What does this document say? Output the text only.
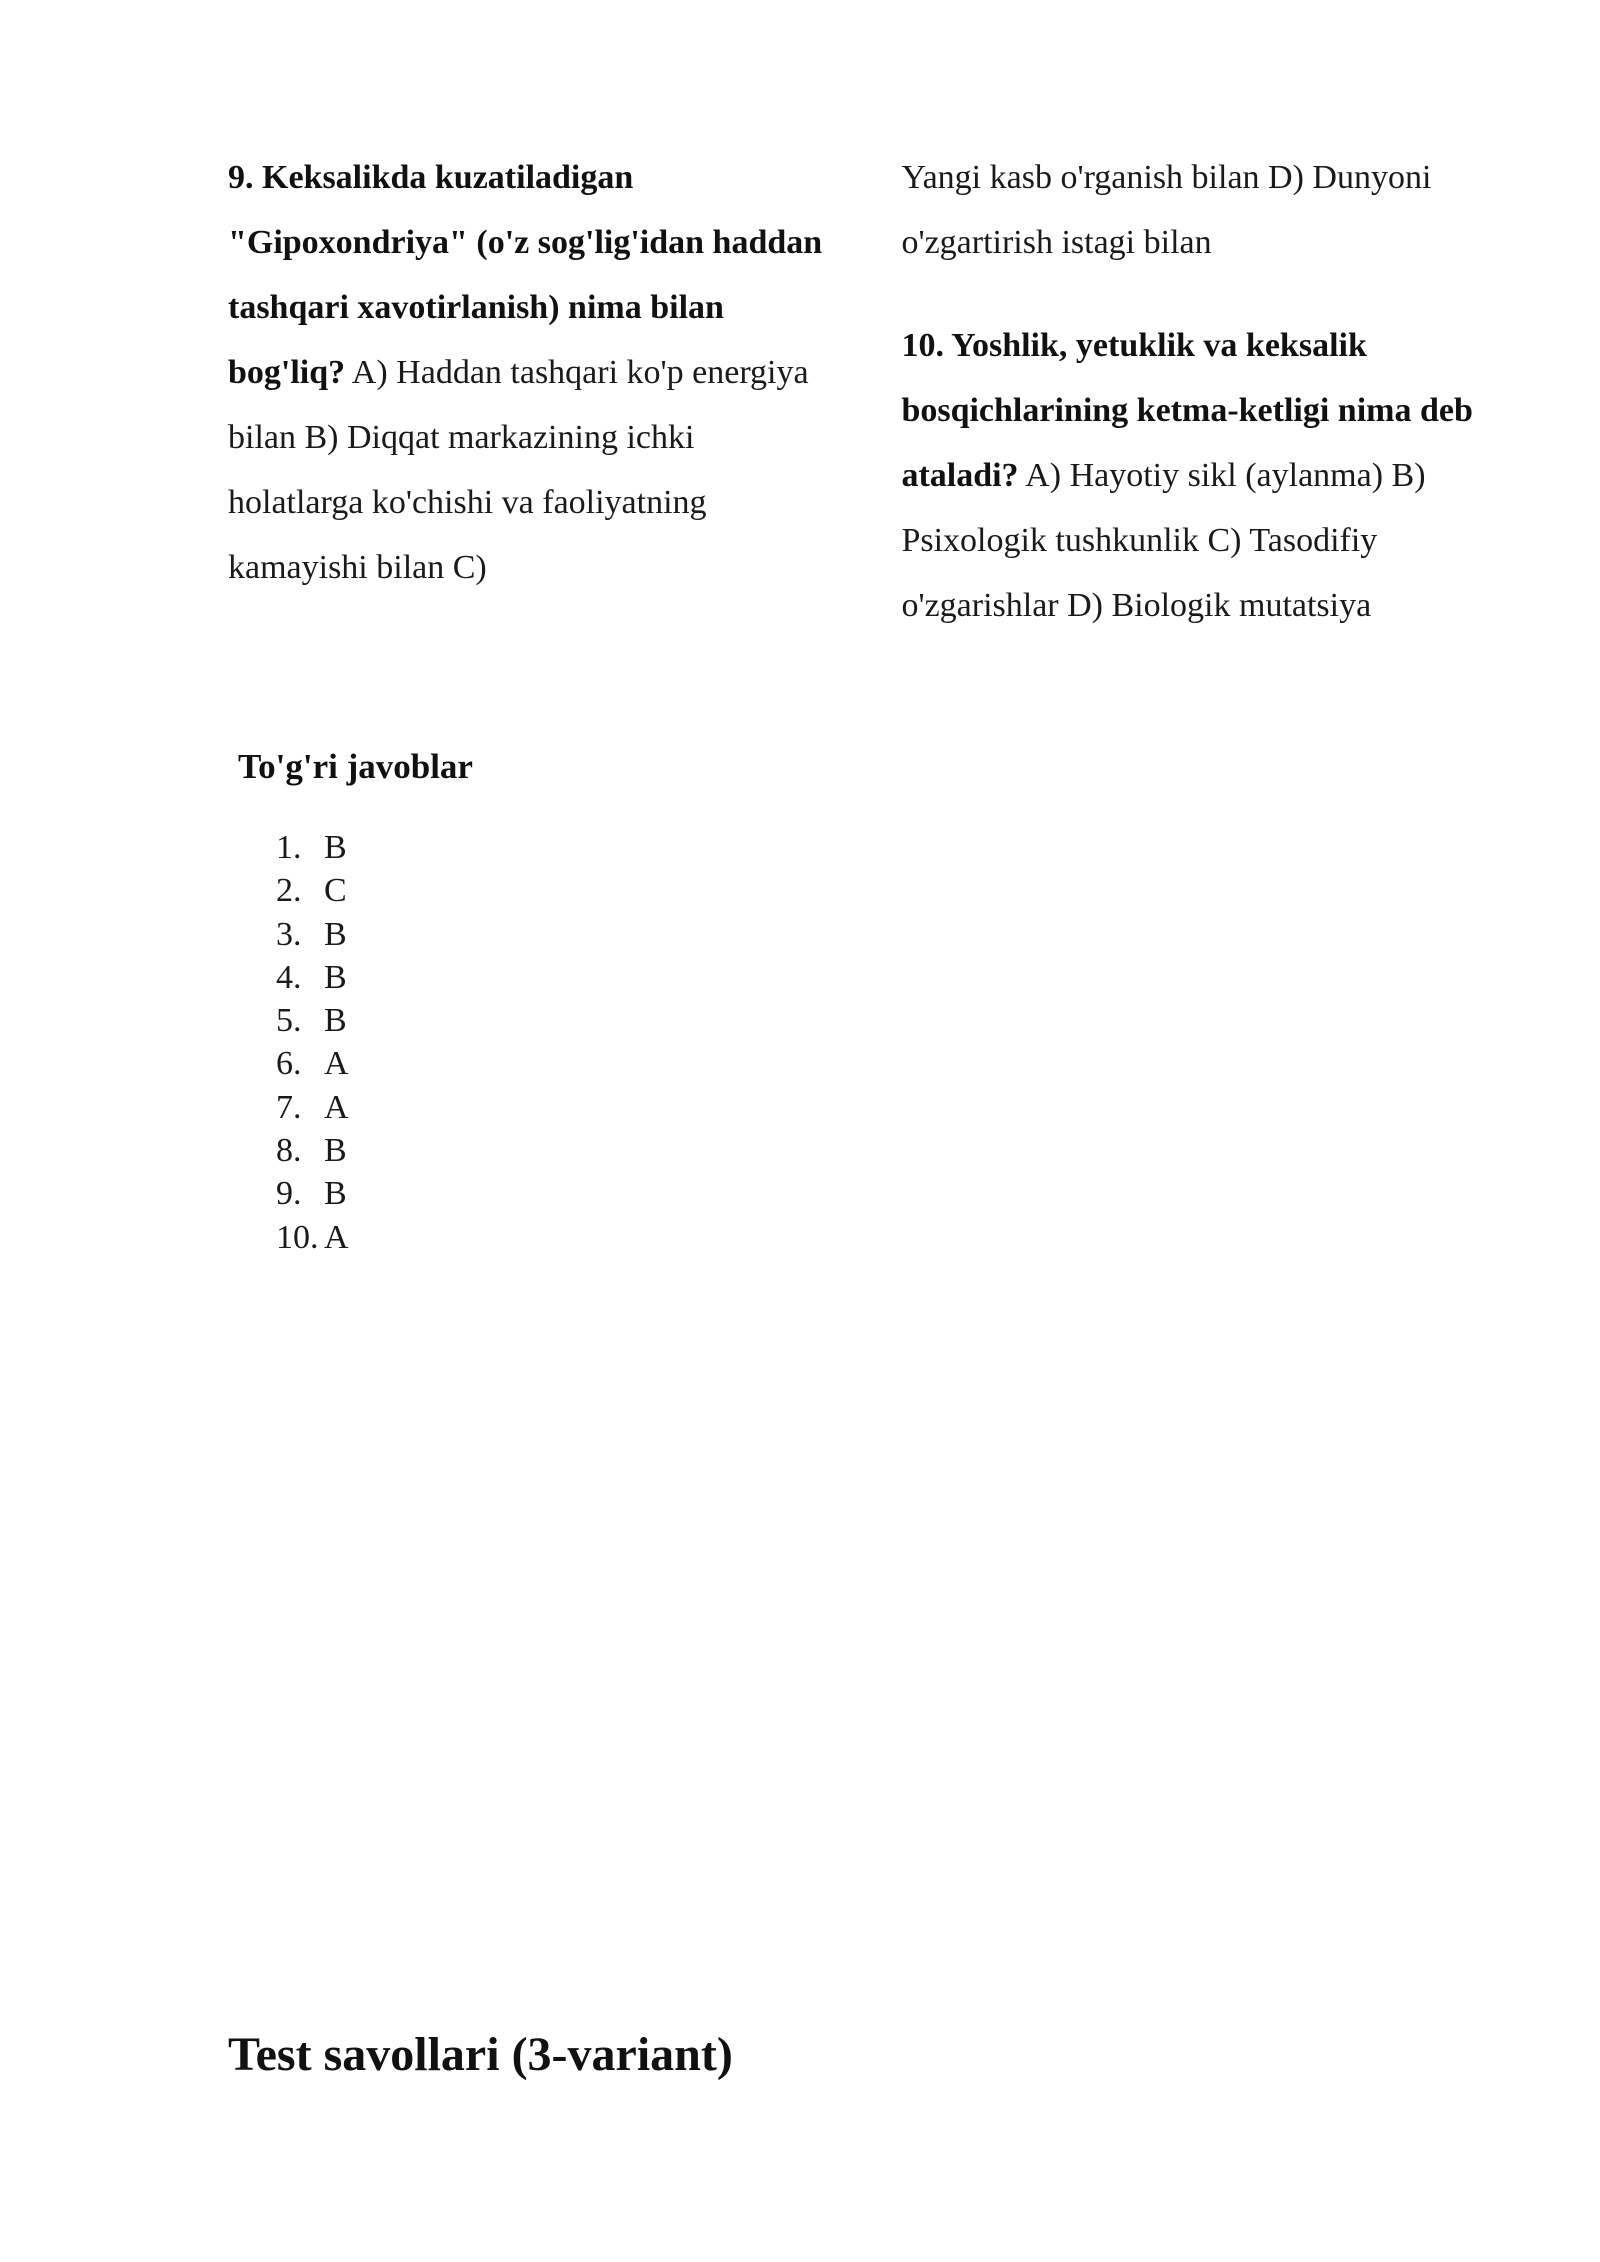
9. Keksalikda kuzatiladigan "Gipoxondriya" (o'z sog'lig'idan haddan tashqari xavotirlanish) nima bilan bog'liq? A) Haddan tashqari ko'p energiya bilan B) Diqqat markazining ichki holatlarga ko'chishi va faoliyatning kamayishi bilan C)

Yangi kasb o'rganish bilan D) Dunyoni o'zgartirish istagi bilan

10. Yoshlik, yetuklik va keksalik bosqichlarining ketma-ketligi nima deb ataladi? A) Hayotiy sikl (aylanma) B) Psixologik tushkunlik C) Tasodifiy o'zgarishlar D) Biologik mutatsiya

To'g'ri javoblar
1. B
2. C
3. B
4. B
5. B
6. A
7. A
8. B
9. B
10. A
Test savollari (3-variant)
